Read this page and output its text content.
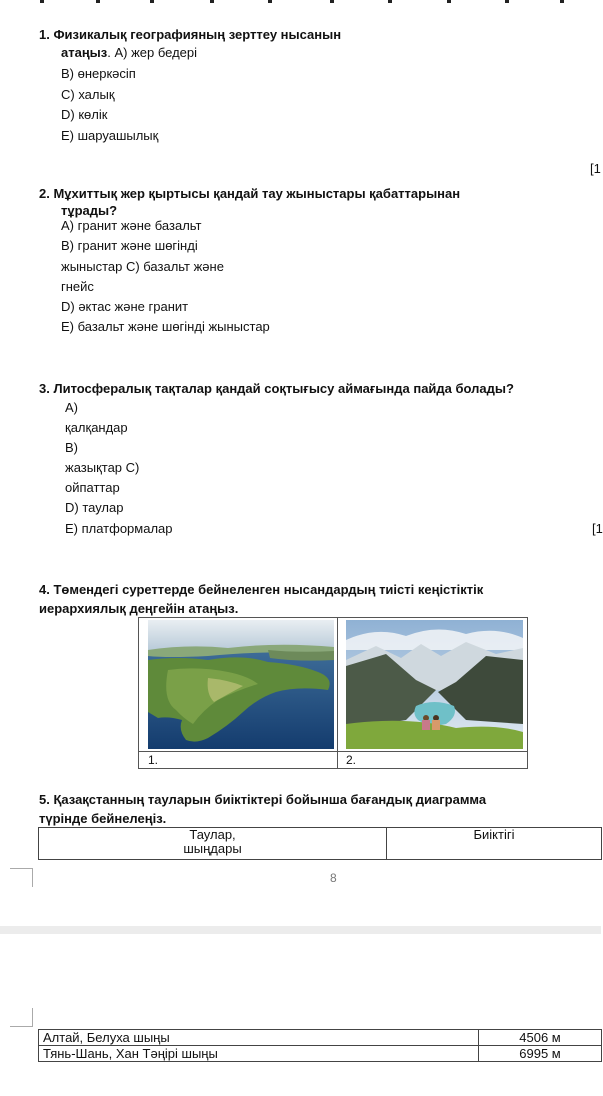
1. Физикалық географияның зерттеу нысанын
атаңыз. А) жер бедері
В) өнеркәсіп
С) халық
D) көлік
Е) шаруашылық
[1
2. Мұхиттық жер қыртысы қандай тау жыныстары қабаттарынан
тұрады?
А) гранит және базальт
В) гранит және шөгінді
жыныстар С) базальт және
гнейс
D) әктас және гранит
Е) базальт және шөгінді жыныстар
3. Литосфералық тақталар қандай соқтығысу аймағында пайда болады?
А)
қалқандар
В)
жазықтар С)
ойпаттар
D) таулар
Е) платформалар	[1
4. Төмендегі суреттерде бейнеленген нысандардың тиісті кеңістіктік
иерархиялық деңгейін атаңыз.
1.	2.
5. Қазақстанның тауларын биіктіктері бойынша бағандық диаграмма
түрінде бейнелеңіз.
Таулар,
шыңдары
	Биіктігі
8
Алтай, Белуха шыңы	4506 м
Тянь-Шань, Хан Тәңірі шыңы	6995 м
